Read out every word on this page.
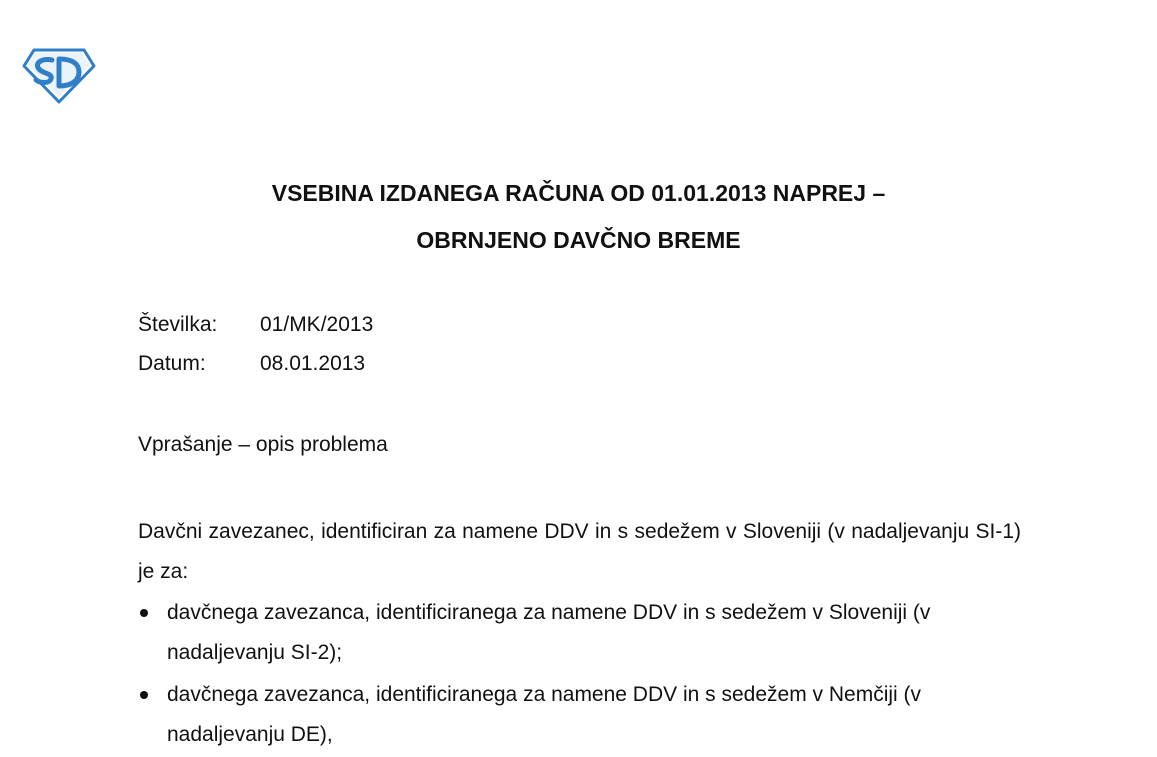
VSEBINA IZDANEGA RAČUNA OD 01.01.2013 NAPREJ –
OBRNJENO DAVČNO BREME
Številka: 01/MK/2013
Datum:	08.01.2013
Vprašanje – opis problema
Davčni zavezanec, identificiran za namene DDV in s sedežem v Sloveniji (v nadaljevanju SI-1) je za:
davčnega zavezanca, identificiranega za namene DDV in s sedežem v Sloveniji (v nadaljevanju SI-2);
davčnega zavezanca, identificiranega za namene DDV in s sedežem v Nemčiji (v nadaljevanju DE),
